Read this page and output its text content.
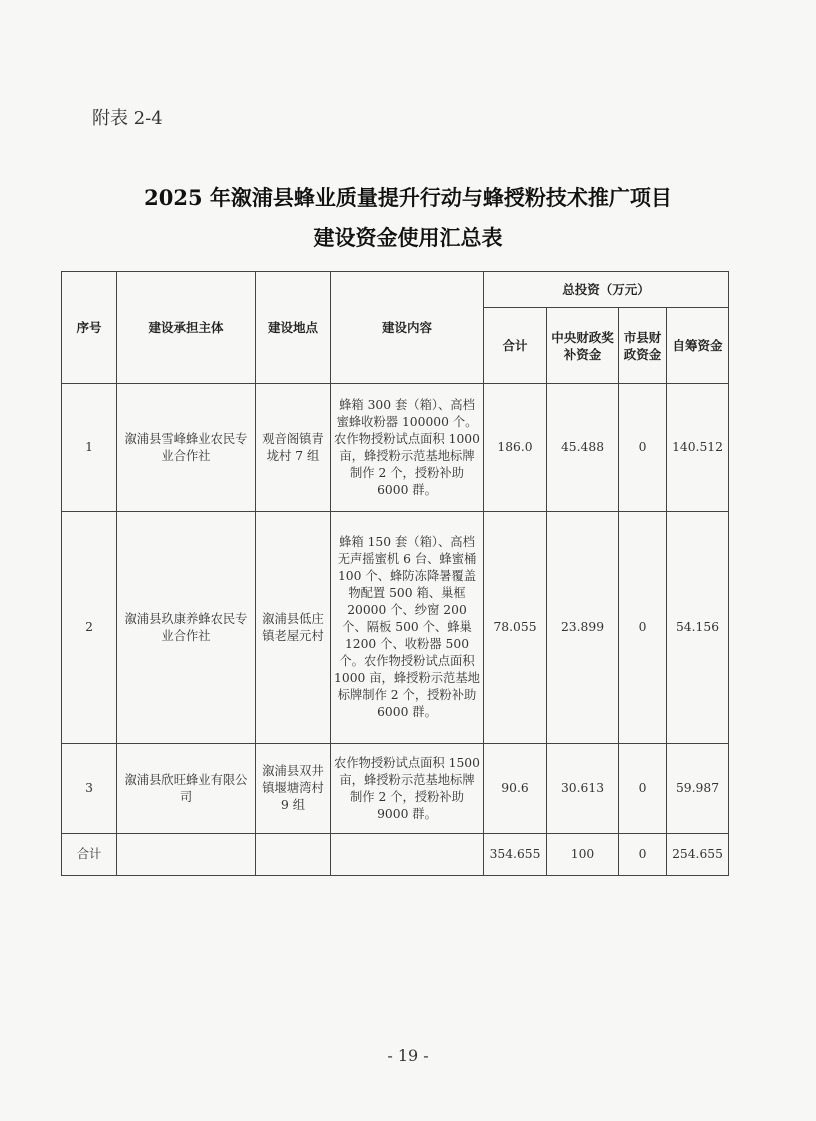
附表 2-4
2025 年溆浦县蜂业质量提升行动与蜂授粉技术推广项目
建设资金使用汇总表
序号	建设承担主体	建设地点	建设内容	总投资（万元）			
				合计	中央财政奖补资金	市县财政资金	自筹资金
1	溆浦县雪峰蜂业农民专业合作社	观音阁镇青垅村 7 组	蜂箱 300 套（箱）、高档蜜蜂收粉器 100000 个。农作物授粉试点面积 1000 亩，蜂授粉示范基地标牌制作 2 个，授粉补助 6000 群。	186.0	45.488	0	140.512
2	溆浦县玖康养蜂农民专业合作社	溆浦县低庄镇老屋元村	蜂箱 150 套（箱）、高档无声摇蜜机 6 台、蜂蜜桶 100 个、蜂防冻降暑覆盖物配置 500 箱、巢框 20000 个、纱窗 200 个、隔板 500 个、蜂巢 1200 个、收粉器 500 个。农作物授粉试点面积 1000 亩，蜂授粉示范基地标牌制作 2 个，授粉补助 6000 群。	78.055	23.899	0	54.156
3	溆浦县欣旺蜂业有限公司	溆浦县双井镇堰塘湾村 9 组	农作物授粉试点面积 1500 亩，蜂授粉示范基地标牌制作 2 个，授粉补助 9000 群。	90.6	30.613	0	59.987
合计				354.655	100	0	254.655
- 19 -
